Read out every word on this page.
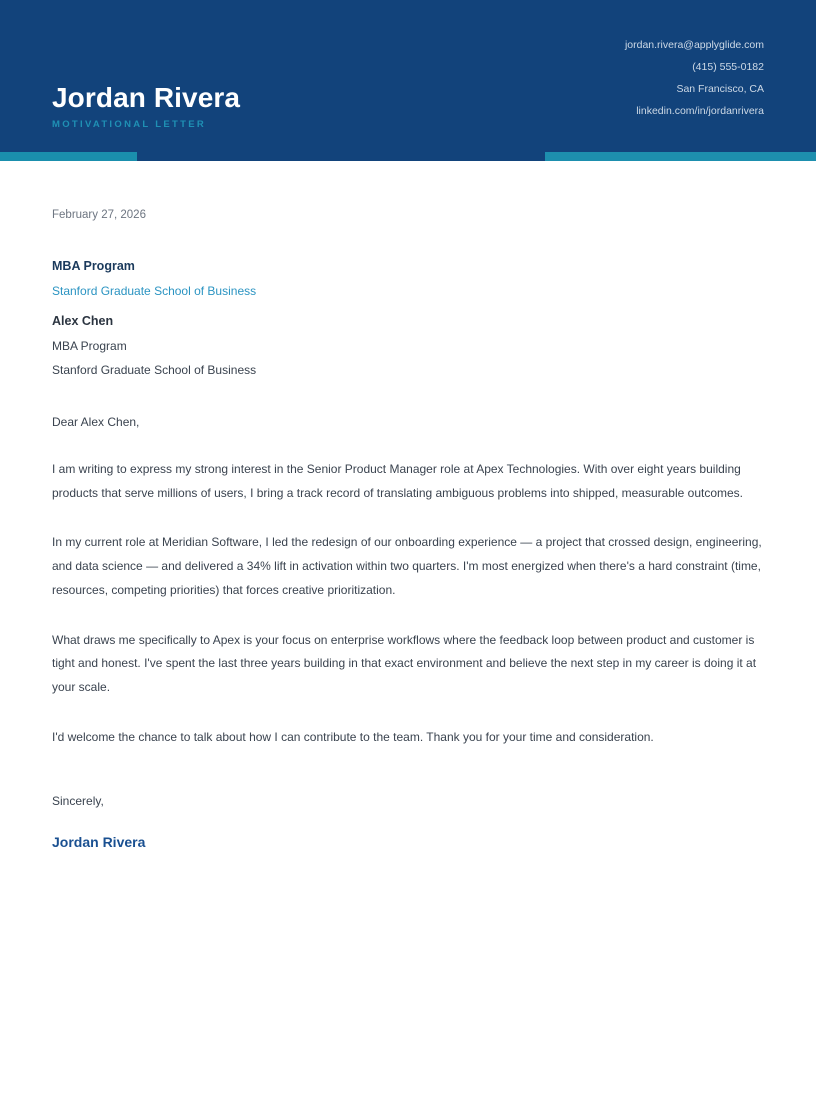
Jordan Rivera
MOTIVATIONAL LETTER
jordan.rivera@applyglide.com
(415) 555-0182
San Francisco, CA
linkedin.com/in/jordanrivera
February 27, 2026
MBA Program
Stanford Graduate School of Business
Alex Chen
MBA Program
Stanford Graduate School of Business
Dear Alex Chen,

I am writing to express my strong interest in the Senior Product Manager role at Apex Technologies. With over eight years building products that serve millions of users, I bring a track record of translating ambiguous problems into shipped, measurable outcomes.

In my current role at Meridian Software, I led the redesign of our onboarding experience — a project that crossed design, engineering, and data science — and delivered a 34% lift in activation within two quarters. I'm most energized when there's a hard constraint (time, resources, competing priorities) that forces creative prioritization.

What draws me specifically to Apex is your focus on enterprise workflows where the feedback loop between product and customer is tight and honest. I've spent the last three years building in that exact environment and believe the next step in my career is doing it at your scale.

I'd welcome the chance to talk about how I can contribute to the team. Thank you for your time and consideration.

Sincerely,
Jordan Rivera
